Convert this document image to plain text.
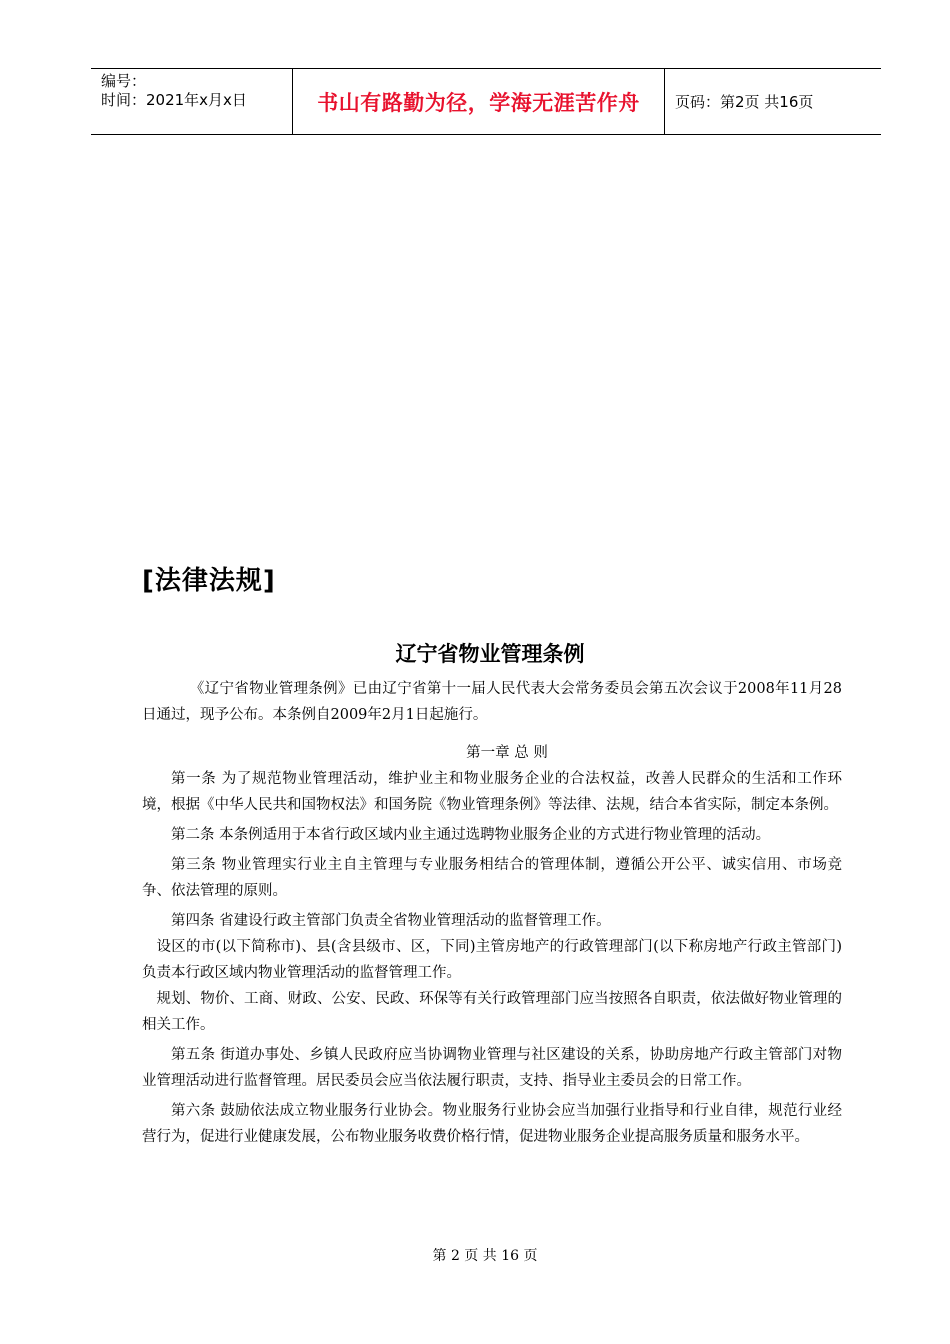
编号：
时间：2021年x月x日	书山有路勤为径，学海无涯苦作舟	页码：第2页 共16页
[法律法规]
辽宁省物业管理条例

《辽宁省物业管理条例》已由辽宁省第十一届人民代表大会常务委员会第五次会议于2008年11月28日通过，现予公布。本条例自2009年2月1日起施行。

第一章 总 则

第一条 为了规范物业管理活动，维护业主和物业服务企业的合法权益，改善人民群众的生活和工作环境，根据《中华人民共和国物权法》和国务院《物业管理条例》等法律、法规，结合本省实际，制定本条例。

第二条 本条例适用于本省行政区域内业主通过选聘物业服务企业的方式进行物业管理的活动。

第三条 物业管理实行业主自主管理与专业服务相结合的管理体制，遵循公开公平、诚实信用、市场竞争、依法管理的原则。

第四条 省建设行政主管部门负责全省物业管理活动的监督管理工作。

设区的市(以下简称市)、县(含县级市、区，下同)主管房地产的行政管理部门(以下称房地产行政主管部门)负责本行政区域内物业管理活动的监督管理工作。

规划、物价、工商、财政、公安、民政、环保等有关行政管理部门应当按照各自职责，依法做好物业管理的相关工作。

第五条 街道办事处、乡镇人民政府应当协调物业管理与社区建设的关系，协助房地产行政主管部门对物业管理活动进行监督管理。居民委员会应当依法履行职责，支持、指导业主委员会的日常工作。

第六条 鼓励依法成立物业服务行业协会。物业服务行业协会应当加强行业指导和行业自律，规范行业经营行为，促进行业健康发展，公布物业服务收费价格行情，促进物业服务企业提高服务质量和服务水平。

第 2 页 共 16 页
